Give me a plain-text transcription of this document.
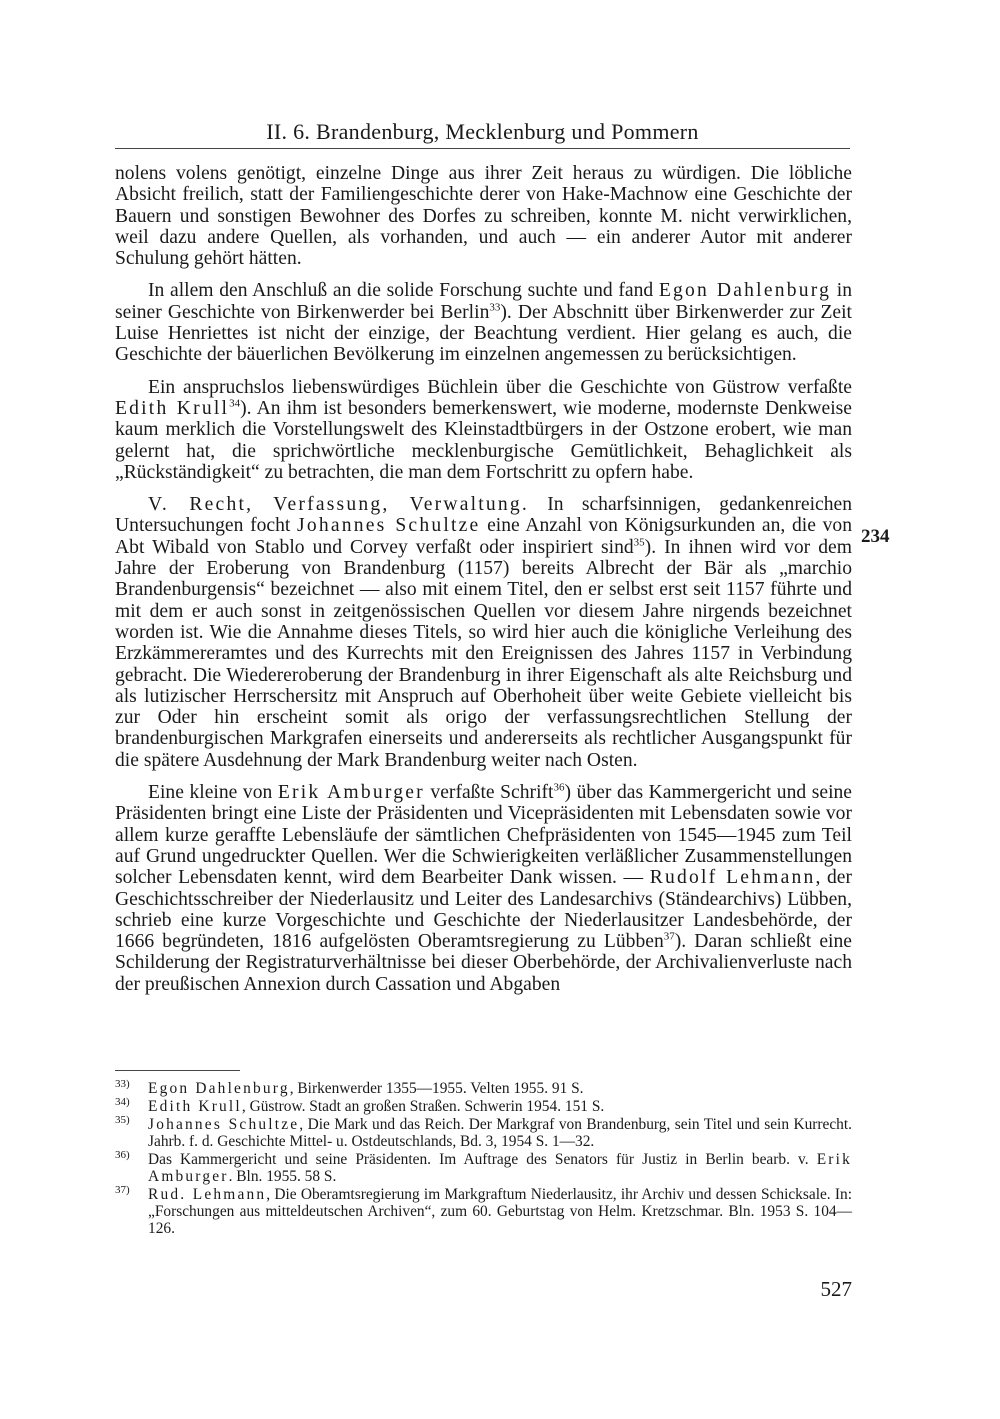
II. 6. Brandenburg, Mecklenburg und Pommern

nolens volens genötigt, einzelne Dinge aus ihrer Zeit heraus zu würdigen. Die löbliche Absicht freilich, statt der Familiengeschichte derer von Hake-Machnow eine Geschichte der Bauern und sonstigen Bewohner des Dorfes zu schreiben, konnte M. nicht verwirklichen, weil dazu andere Quellen, als vorhanden, und auch — ein anderer Autor mit anderer Schulung gehört hätten.

In allem den Anschluß an die solide Forschung suchte und fand Egon Dahlenburg in seiner Geschichte von Birkenwerder bei Berlin$^{33}$). Der Abschnitt über Birkenwerder zur Zeit Luise Henriettes ist nicht der einzige, der Beachtung verdient. Hier gelang es auch, die Geschichte der bäuerlichen Bevölkerung im einzelnen angemessen zu berücksichtigen.

Ein anspruchslos liebenswürdiges Büchlein über die Geschichte von Güstrow verfaßte Edith Krull$^{34}$). An ihm ist besonders bemerkenswert, wie moderne, modernste Denkweise kaum merklich die Vorstellungswelt des Kleinstadtbürgers in der Ostzone erobert, wie man gelernt hat, die sprichwörtliche mecklenburgische Gemütlichkeit, Behaglichkeit als „Rückständigkeit“ zu betrachten, die man dem Fortschritt zu opfern habe.

V. Recht, Verfassung, Verwaltung. In scharfsinnigen, gedankenreichen Untersuchungen focht Johannes Schultze eine Anzahl von Königsurkunden an, die von Abt Wibald von Stablo und Corvey verfaßt oder inspiriert sind$^{35}$). In ihnen wird vor dem Jahre der Eroberung von Brandenburg (1157) bereits Albrecht der Bär als „marchio Brandenburgensis“ bezeichnet — also mit einem Titel, den er selbst erst seit 1157 führte und mit dem er auch sonst in zeitgenössischen Quellen vor diesem Jahre nirgends bezeichnet worden ist. Wie die Annahme dieses Titels, so wird hier auch die königliche Verleihung des Erzkämmereramtes und des Kurrechts mit den Ereignissen des Jahres 1157 in Verbindung gebracht. Die Wiedereroberung der Brandenburg in ihrer Eigenschaft als alte Reichsburg und als lutizischer Herrschersitz mit Anspruch auf Oberhoheit über weite Gebiete vielleicht bis zur Oder hin erscheint somit als origo der verfassungsrechtlichen Stellung der brandenburgischen Markgrafen einerseits und andererseits als rechtlicher Ausgangspunkt für die spätere Ausdehnung der Mark Brandenburg weiter nach Osten.

Eine kleine von Erik Amburger verfaßte Schrift$^{36}$) über das Kammergericht und seine Präsidenten bringt eine Liste der Präsidenten und Vicepräsidenten mit Lebensdaten sowie vor allem kurze geraffte Lebensläufe der sämtlichen Chefpräsidenten von 1545—1945 zum Teil auf Grund ungedruckter Quellen. Wer die Schwierigkeiten verläßlicher Zusammenstellungen solcher Lebensdaten kennt, wird dem Bearbeiter Dank wissen. — Rudolf Lehmann, der Geschichtsschreiber der Niederlausitz und Leiter des Landesarchivs (Ständearchivs) Lübben, schrieb eine kurze Vorgeschichte und Geschichte der Niederlausitzer Landesbehörde, der 1666 begründeten, 1816 aufgelösten Oberamtsregierung zu Lübben$^{37}$). Daran schließt eine Schilderung der Registraturverhältnisse bei dieser Oberbehörde, der Archivalienverluste nach der preußischen Annexion durch Cassation und Abgaben

234
33) Egon Dahlenburg, Birkenwerder 1355—1955. Velten 1955. 91 S.
34) Edith Krull, Güstrow. Stadt an großen Straßen. Schwerin 1954. 151 S.
35) Johannes Schultze, Die Mark und das Reich. Der Markgraf von Brandenburg, sein Titel und sein Kurrecht. Jahrb. f. d. Geschichte Mittel- u. Ostdeutschlands, Bd. 3, 1954 S. 1—32.
36) Das Kammergericht und seine Präsidenten. Im Auftrage des Senators für Justiz in Berlin bearb. v. Erik Amburger. Bln. 1955. 58 S.
37) Rud. Lehmann, Die Oberamtsregierung im Markgraftum Niederlausitz, ihr Archiv und dessen Schicksale. In: „Forschungen aus mitteldeutschen Archiven“, zum 60. Geburtstag von Helm. Kretzschmar. Bln. 1953 S. 104—126.
527
